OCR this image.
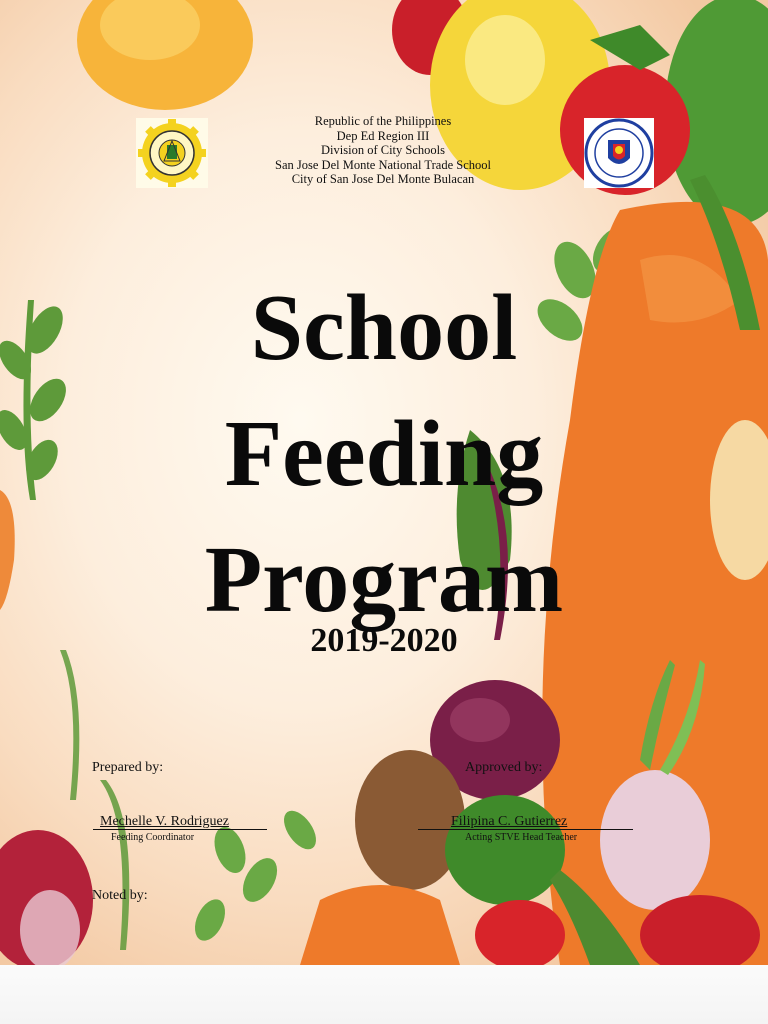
Republic of the Philippines
Dep Ed Region III
Division of City Schools
San Jose Del Monte National Trade School
City of San Jose Del Monte Bulacan
School
Feeding
Program
2019-2020
Prepared by:	Approved by:
Mechelle V. Rodriguez
Feeding Coordinator
Filipina C. Gutierrez
Acting STVE Head Teacher
Noted by:
